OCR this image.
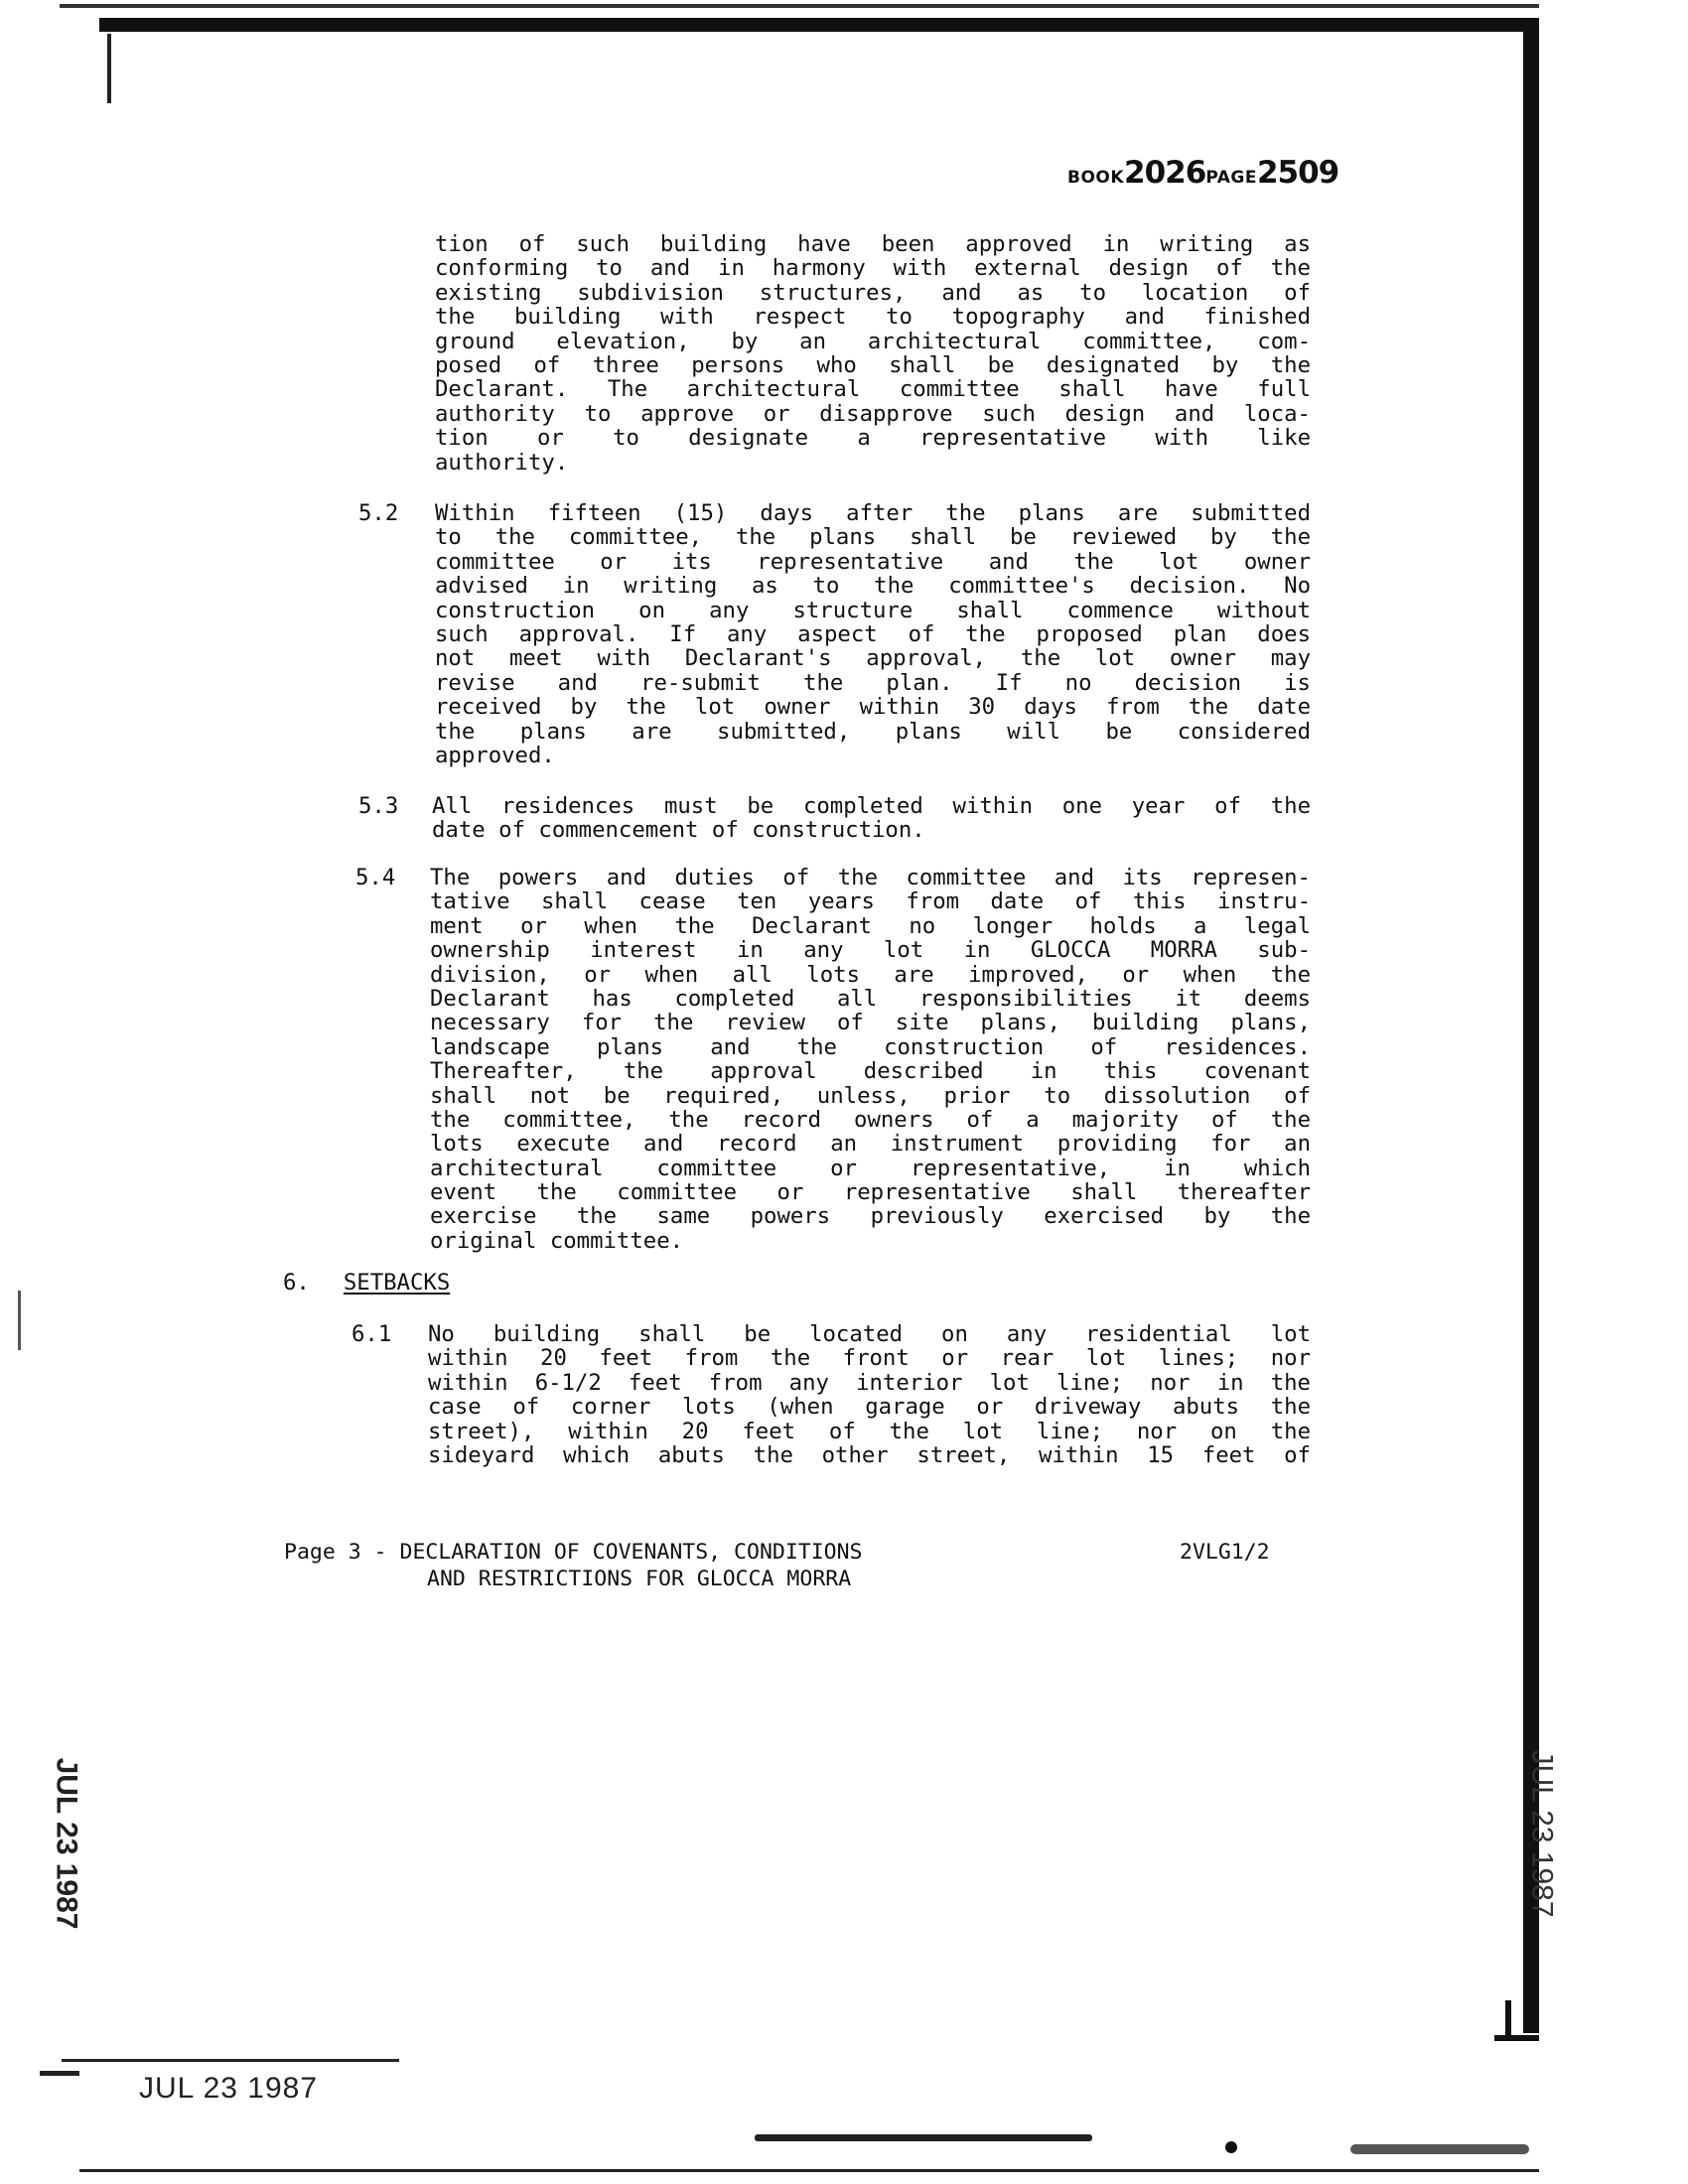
BOOK2026PAGE2509
tion of such building have been approved in writing as
conforming to and in harmony with external design of the
existing subdivision structures, and as to location of
the building with respect to topography and finished
ground elevation, by an architectural committee, com-
posed of three persons who shall be designated by the
Declarant. The architectural committee shall have full
authority to approve or disapprove such design and loca-
tion or to designate a representative with like
authority.
5.2 Within fifteen (15) days after the plans are submitted
to the committee, the plans shall be reviewed by the
committee or its representative and the lot owner
advised in writing as to the committee's decision. No
construction on any structure shall commence without
such approval. If any aspect of the proposed plan does
not meet with Declarant's approval, the lot owner may
revise and re-submit the plan. If no decision is
received by the lot owner within 30 days from the date
the plans are submitted, plans will be considered
approved.
5.3 All residences must be completed within one year of the
date of commencement of construction.
5.4 The powers and duties of the committee and its represen-
tative shall cease ten years from date of this instru-
ment or when the Declarant no longer holds a legal
ownership interest in any lot in GLOCCA MORRA sub-
division, or when all lots are improved, or when the
Declarant has completed all responsibilities it deems
necessary for the review of site plans, building plans,
landscape plans and the construction of residences.
Thereafter, the approval described in this covenant
shall not be required, unless, prior to dissolution of
the committee, the record owners of a majority of the
lots execute and record an instrument providing for an
architectural committee or representative, in which
event the committee or representative shall thereafter
exercise the same powers previously exercised by the
original committee.
6. SETBACKS
6.1 No building shall be located on any residential lot
within 20 feet from the front or rear lot lines; nor
within 6-1/2 feet from any interior lot line; nor in the
case of corner lots (when garage or driveway abuts the
street), within 20 feet of the lot line; nor on the
sideyard which abuts the other street, within 15 feet of
Page 3 - DECLARATION OF COVENANTS, CONDITIONS
AND RESTRICTIONS FOR GLOCCA MORRA
2VLG1/2
JUL 23 1987
JUL 23 1987	JUL 23 1987
